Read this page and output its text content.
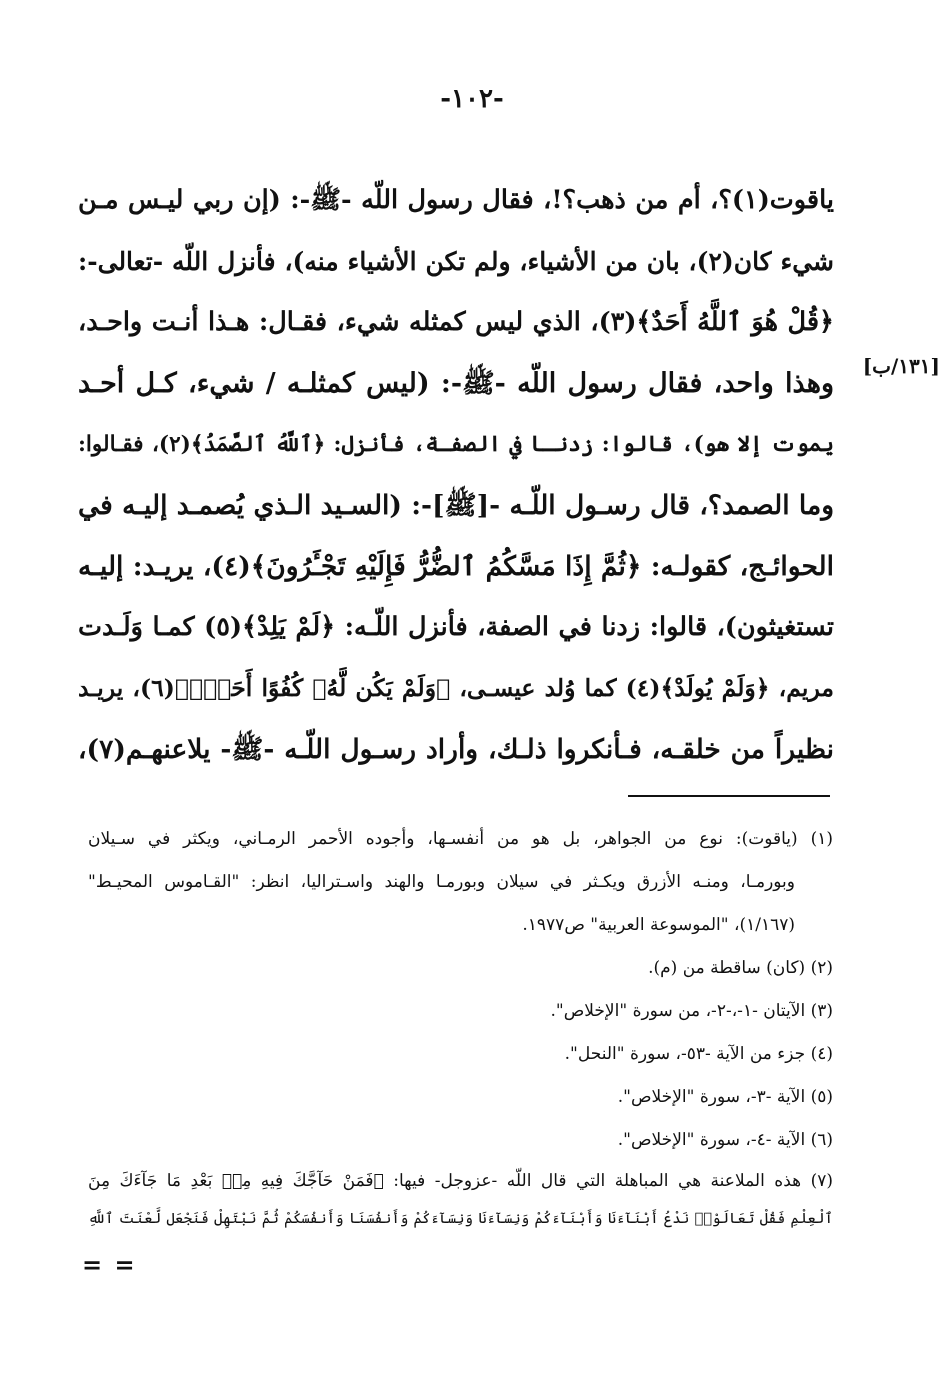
-١٠٢-
ياقوت(١)؟، أم من ذهب؟!، فقال رسول اللّه -ﷺ-: (إن ربي ليـس مـن
شيء كان(٢)، بان من الأشياء، ولم تكن الأشياء منه)، فأنزل اللّه -تعالى-:
﴿قُلْ هُوَ ٱللَّهُ أَحَدٌ﴾(٣)، الذي ليس كمثله شيء، فقـال: هـذا أنـت واحـد،
وهذا واحد، فقال رسول اللّه -ﷺ-: (ليس كمثلـه / شيء، كـل أحـد
يموت إلا هو)، قالوا: زدنـا في الصفـة، فأنزل: ﴿ٱللَّهُ ٱلصَّمَدُ﴾(٢)، فقـالوا:
وما الصمد؟، قال رسـول اللّـه -[ﷺ]-: (السـيد الـذي يُصمـد إليـه في
الحوائـج، كقولـه: ﴿ثُمَّ إِذَا مَسَّكُمُ ٱلضُّرُّ فَإِلَيْهِ تَجْـَٔرُونَ﴾(٤)، يريـد: إليـه
تستغيثون)، قالوا: زدنا في الصفة، فأنزل اللّـه: ﴿لَمْ يَلِدْ﴾(٥) كمـا وَلَـدت
مريم، ﴿وَلَمْ يُولَدْ﴾(٤) كما وُلد عيسـى، ﴿وَلَمْ يَكُن لَّهُۥ كُفُوًا أَحَدٌۢ﴾(٦)، يريـد
نظيراً من خلقـه، فـأنكروا ذلـك، وأراد رسـول اللّـه -ﷺ- يلاعنهـم(٧)،
[١٣١/ب]
(١) (ياقوت): نوع من الجواهر، بل هو من أنفسـها، وأجوده الأحمر الرمـاني، ويكثر في سـيلان
وبورمـا، ومنـه الأزرق ويكـثر في سيلان وبورمـا والهند واسـتراليا، انظر: "القـاموس المحيـط"
(١/١٦٧)، "الموسوعة العربية" ص١٩٧٧.
(٢) (كان) ساقطة من (م).
(٣) الآيتان -١-،-٢-، من سورة "الإخلاص".
(٤) جزء من الآية -٥٣-، سورة "النحل".
(٥) الآية -٣-، سورة "الإخلاص".
(٦) الآية -٤-، سورة "الإخلاص".
(٧) هذه الملاعنة هي المباهلة التي قال اللّه -عزوجل- فيها: ﴿فَمَنْ حَآجَّكَ فِيهِ مِنۢ بَعْدِ مَا جَآءَكَ مِنَ
ٱلْعِلْمِ فَقُلْ تَعَالَوْا۟ نَدْعُ أَبْنَآءَنَا وَأَبْنَآءَكُمْ وَنِسَآءَنَا وَنِسَآءَكُمْ وَأَنفُسَنَا وَأَنفُسَكُمْ ثُمَّ نَبْتَهِلْ فَنَجْعَل لَّعْنَتَ ٱللَّهِ
= =
